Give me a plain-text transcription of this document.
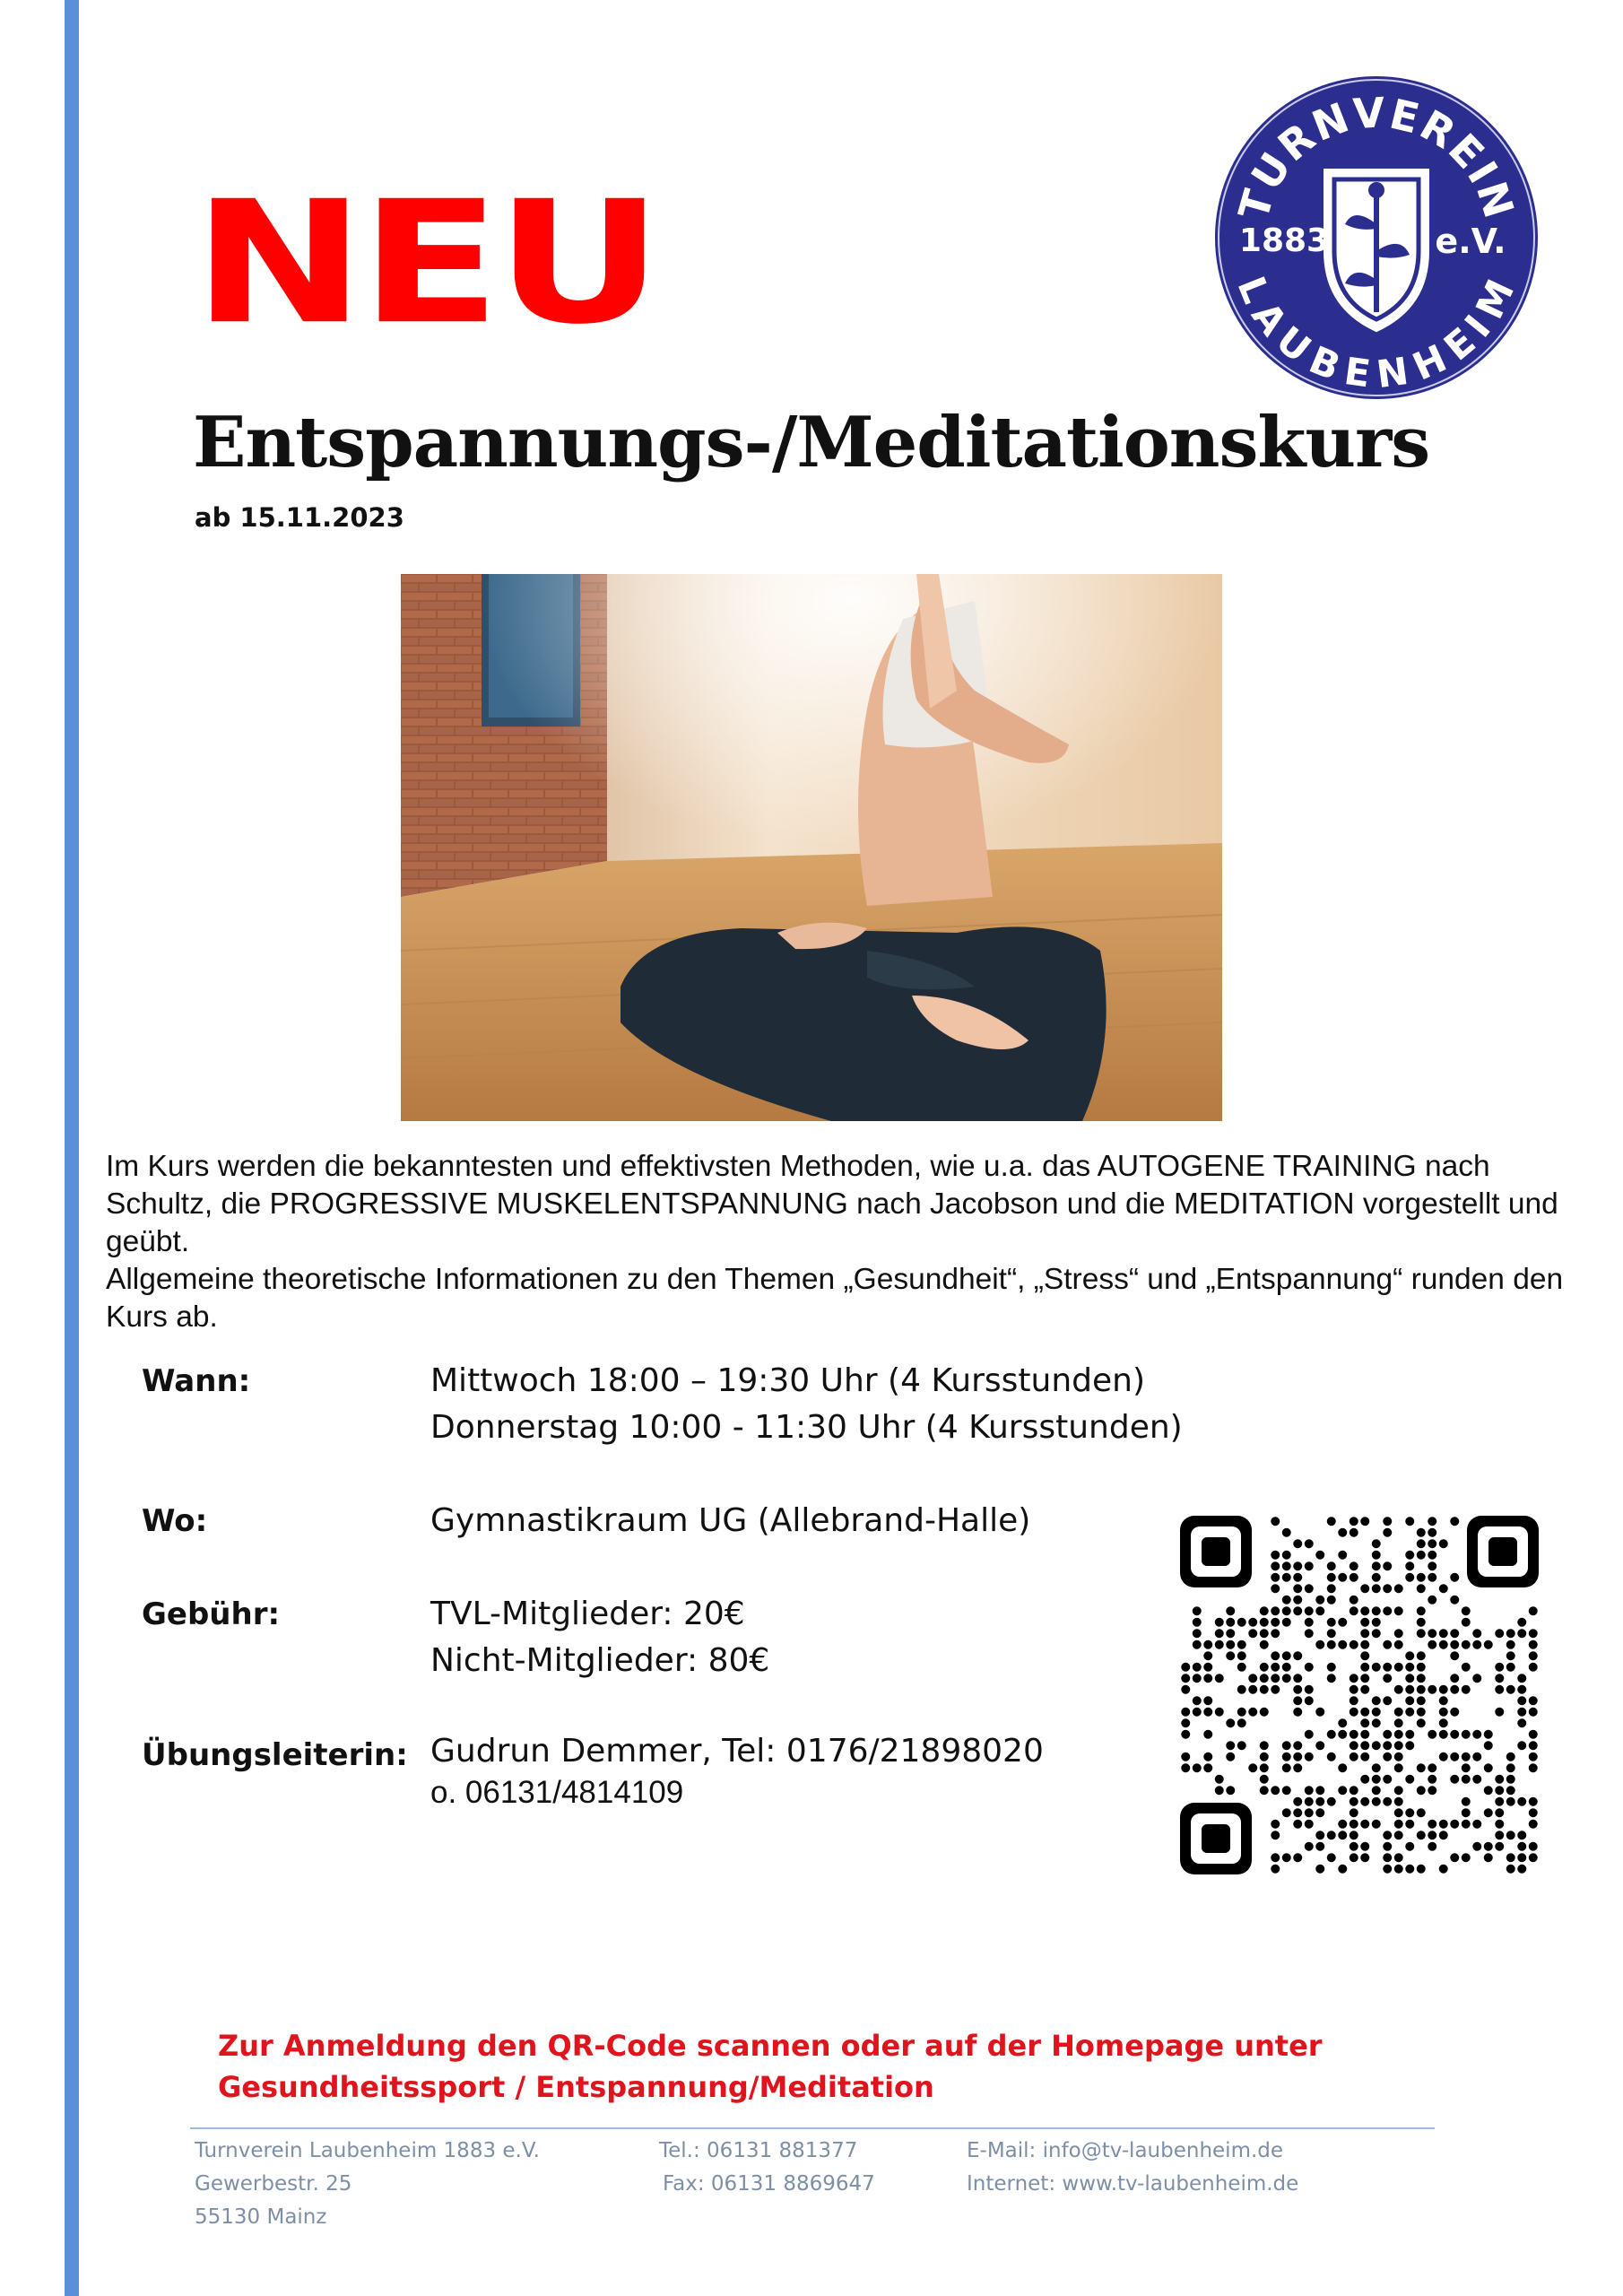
NEU	TURNVEREIN
LAUBENHEIM
1883	e.V.
Entspannungs-/Meditationskurs
ab 15.11.2023

Im Kurs werden die bekanntesten und effektivsten Methoden, wie u.a. das AUTOGENE TRAINING nach Schultz, die PROGRESSIVE MUSKELENTSPANNUNG nach Jacobson und die MEDITATION vorgestellt und geübt.

Allgemeine theoretische Informationen zu den Themen „Gesundheit“, „Stress“ und „Entspannung“ runden den Kurs ab.

Wann:	Mittwoch 18:00 – 19:30 Uhr (4 Kursstunden)
Donnerstag 10:00 - 11:30 Uhr (4 Kursstunden)
Wo:	Gymnastikraum UG (Allebrand-Halle)
Gebühr:	TVL-Mitglieder: 20€
Nicht-Mitglieder: 80€
Übungsleiterin: Gudrun Demmer, Tel: 0176/21898020
o. 06131/4814109
Zur Anmeldung den QR-Code scannen oder auf der Homepage unter Gesundheitssport / Entspannung/Meditation
Turnverein Laubenheim 1883 e.V.
Gewerbestr. 25
55130 Mainz
Tel.: 06131 881377
Fax: 06131 8869647
E-Mail: info@tv-laubenheim.de
Internet: www.tv-laubenheim.de
